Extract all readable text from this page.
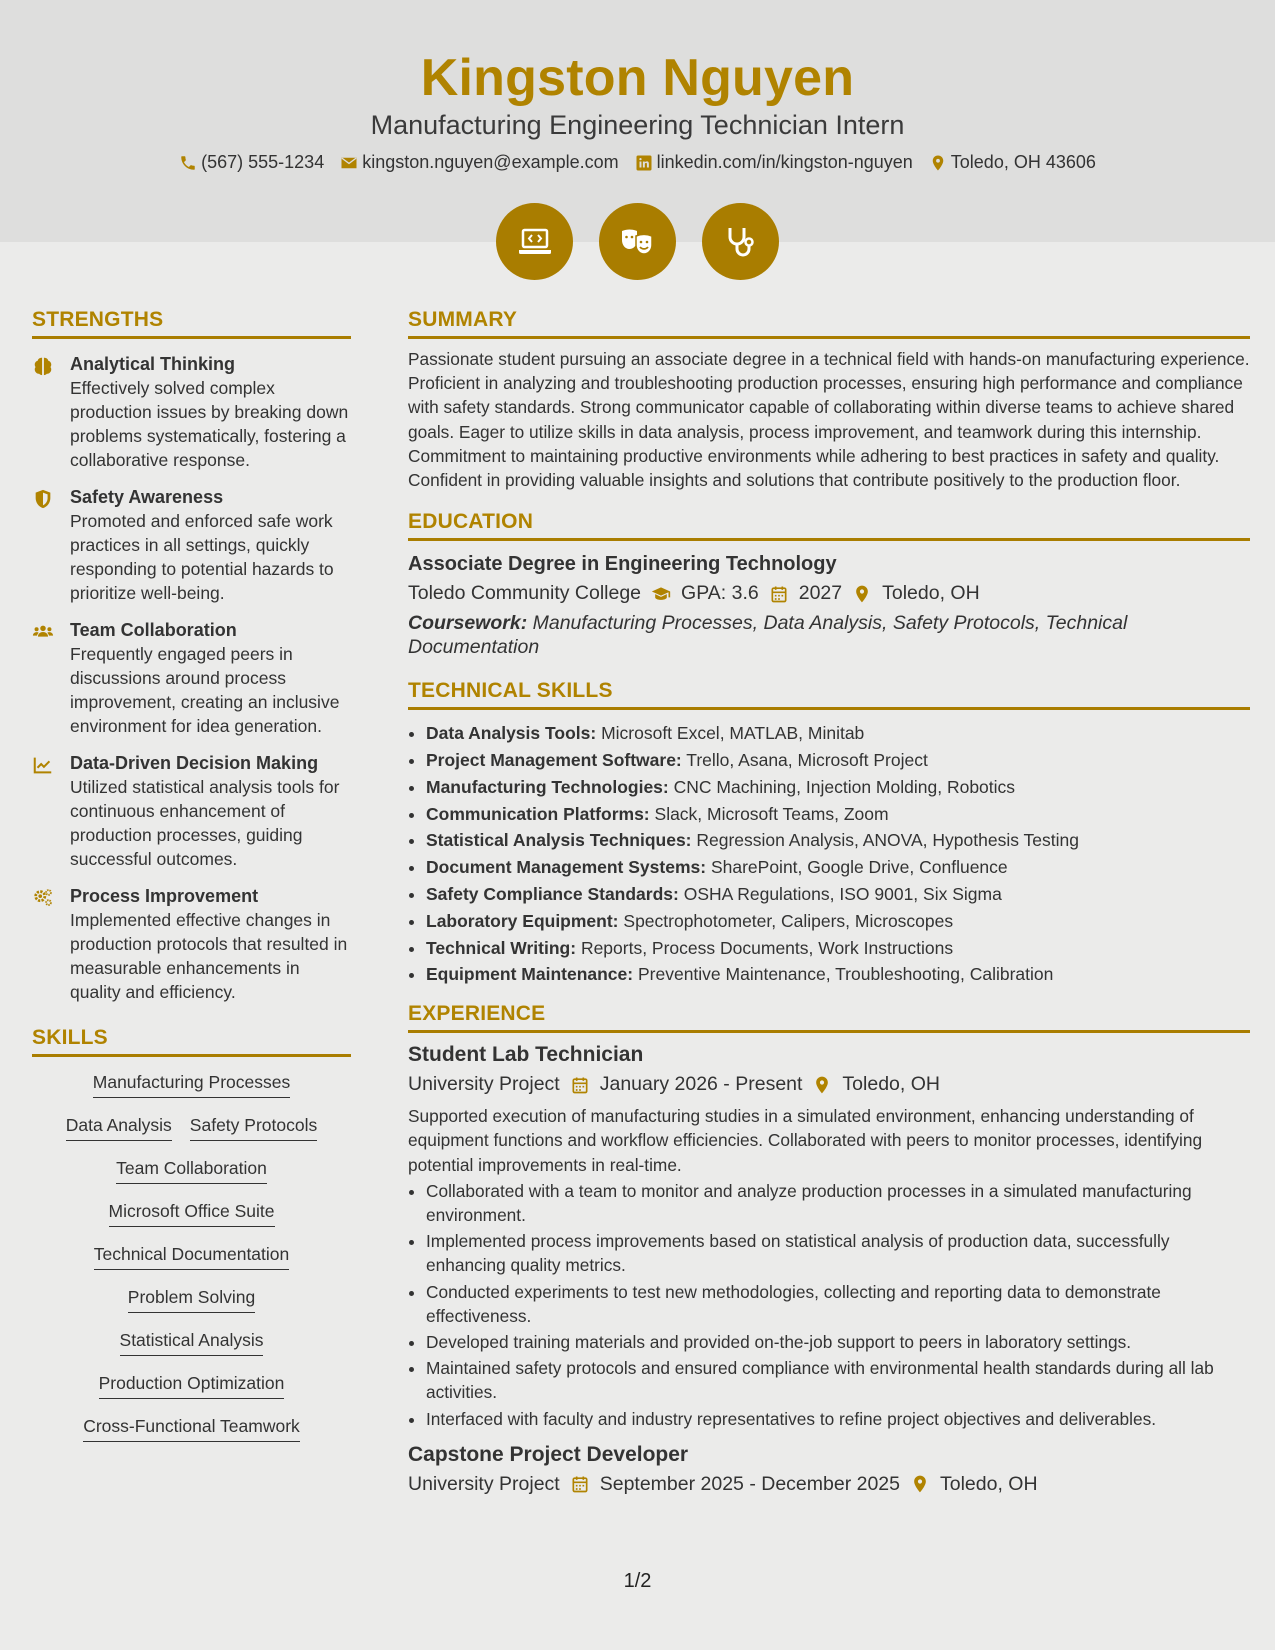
Kingston Nguyen
Manufacturing Engineering Technician Intern
(567) 555-1234 kingston.nguyen@example.com linkedin.com/in/kingston-nguyen Toledo, OH 43606
STRENGTHS
Analytical Thinking
Effectively solved complex production issues by breaking down problems systematically, fostering a collaborative response.
Safety Awareness
Promoted and enforced safe work practices in all settings, quickly responding to potential hazards to prioritize well-being.
Team Collaboration
Frequently engaged peers in discussions around process improvement, creating an inclusive environment for idea generation.
Data-Driven Decision Making
Utilized statistical analysis tools for continuous enhancement of production processes, guiding successful outcomes.
Process Improvement
Implemented effective changes in production protocols that resulted in measurable enhancements in quality and efficiency.
SKILLS
Manufacturing Processes
Data Analysis Safety Protocols
Team Collaboration
Microsoft Office Suite
Technical Documentation
Problem Solving
Statistical Analysis
Production Optimization
Cross-Functional Teamwork
SUMMARY
Passionate student pursuing an associate degree in a technical field with hands-on manufacturing experience. Proficient in analyzing and troubleshooting production processes, ensuring high performance and compliance with safety standards. Strong communicator capable of collaborating within diverse teams to achieve shared goals. Eager to utilize skills in data analysis, process improvement, and teamwork during this internship. Commitment to maintaining productive environments while adhering to best practices in safety and quality. Confident in providing valuable insights and solutions that contribute positively to the production floor.
EDUCATION
Associate Degree in Engineering Technology
Toledo Community College GPA: 3.6 2027 Toledo, OH
Coursework: Manufacturing Processes, Data Analysis, Safety Protocols, Technical Documentation
TECHNICAL SKILLS
• Data Analysis Tools: Microsoft Excel, MATLAB, Minitab
• Project Management Software: Trello, Asana, Microsoft Project
• Manufacturing Technologies: CNC Machining, Injection Molding, Robotics
• Communication Platforms: Slack, Microsoft Teams, Zoom
• Statistical Analysis Techniques: Regression Analysis, ANOVA, Hypothesis Testing
• Document Management Systems: SharePoint, Google Drive, Confluence
• Safety Compliance Standards: OSHA Regulations, ISO 9001, Six Sigma
• Laboratory Equipment: Spectrophotometer, Calipers, Microscopes
• Technical Writing: Reports, Process Documents, Work Instructions
• Equipment Maintenance: Preventive Maintenance, Troubleshooting, Calibration
EXPERIENCE
Student Lab Technician
University Project January 2026 - Present Toledo, OH
Supported execution of manufacturing studies in a simulated environment, enhancing understanding of equipment functions and workflow efficiencies. Collaborated with peers to monitor processes, identifying potential improvements in real-time.
• Collaborated with a team to monitor and analyze production processes in a simulated manufacturing environment.
• Implemented process improvements based on statistical analysis of production data, successfully enhancing quality metrics.
• Conducted experiments to test new methodologies, collecting and reporting data to demonstrate effectiveness.
• Developed training materials and provided on-the-job support to peers in laboratory settings.
• Maintained safety protocols and ensured compliance with environmental health standards during all lab activities.
• Interfaced with faculty and industry representatives to refine project objectives and deliverables.
Capstone Project Developer
University Project September 2025 - December 2025 Toledo, OH
1/2
